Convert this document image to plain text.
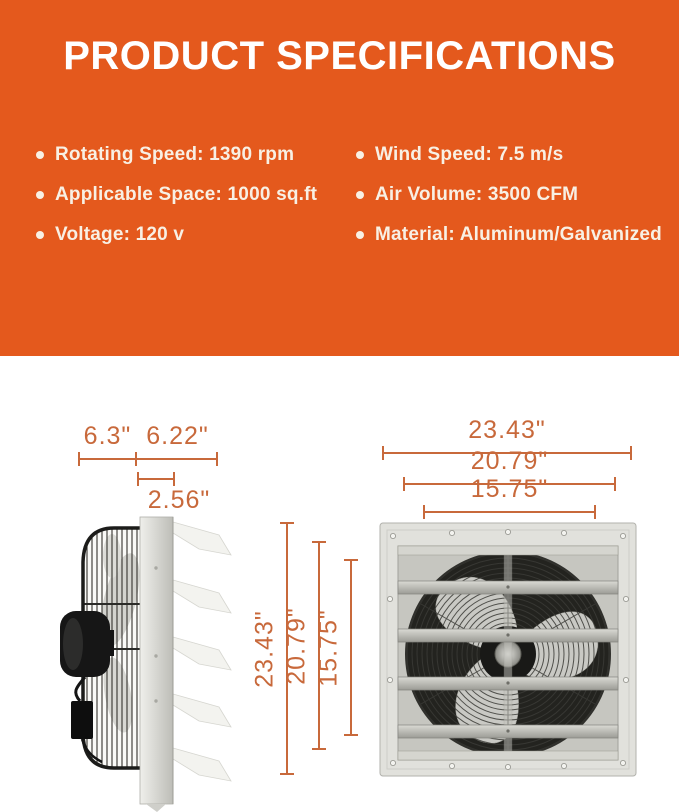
PRODUCT SPECIFICATIONS
Rotating Speed: 1390 rpm
Applicable Space: 1000 sq.ft
Voltage: 120 v
Wind Speed: 7.5 m/s
Air Volume: 3500 CFM
Material: Aluminum/Galvanized
6.3" 6.22"
2.56"
23.43"
20.79"
15.75"
23.43" 20.79" 15.75"
